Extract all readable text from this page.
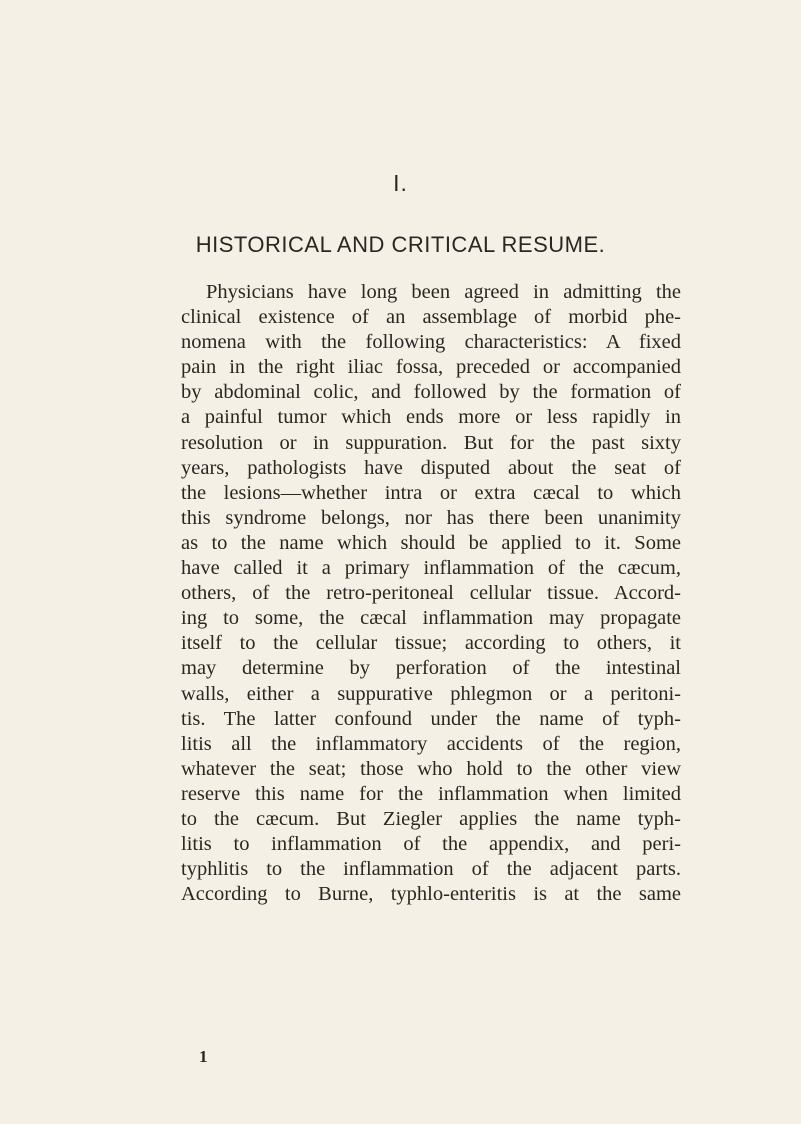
I.
HISTORICAL AND CRITICAL RESUME.
Physicians have long been agreed in admitting the
clinical existence of an assemblage of morbid phe-
nomena with the following characteristics: A fixed
pain in the right iliac fossa, preceded or accompanied
by abdominal colic, and followed by the formation of
a painful tumor which ends more or less rapidly in
resolution or in suppuration. But for the past sixty
years, pathologists have disputed about the seat of
the lesions—whether intra or extra cæcal to which
this syndrome belongs, nor has there been unanimity
as to the name which should be applied to it. Some
have called it a primary inflammation of the cæcum,
others, of the retro-peritoneal cellular tissue. Accord-
ing to some, the cæcal inflammation may propagate
itself to the cellular tissue; according to others, it
may determine by perforation of the intestinal
walls, either a suppurative phlegmon or a peritoni-
tis. The latter confound under the name of typh-
litis all the inflammatory accidents of the region,
whatever the seat; those who hold to the other view
reserve this name for the inflammation when limited
to the cæcum. But Ziegler applies the name typh-
litis to inflammation of the appendix, and peri-
typhlitis to the inflammation of the adjacent parts.
According to Burne, typhlo-enteritis is at the same
1
